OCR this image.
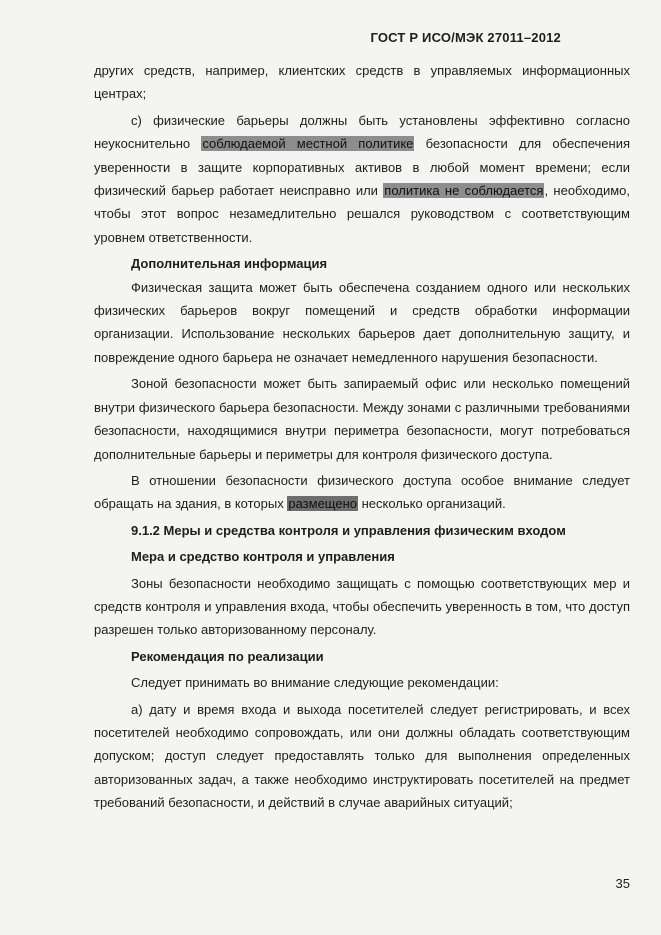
ГОСТ Р ИСО/МЭК 27011–2012

других средств, например, клиентских средств в управляемых информационных центрах;

c) физические барьеры должны быть установлены эффективно согласно неукоснительно соблюдаемой местной политике безопасности для обеспечения уверенности в защите корпоративных активов в любой момент времени; если физический барьер работает неисправно или политика не соблюдается, необходимо, чтобы этот вопрос незамедлительно решался руководством с соответствующим уровнем ответственности.

Дополнительная информация

Физическая защита может быть обеспечена созданием одного или нескольких физических барьеров вокруг помещений и средств обработки информации организации. Использование нескольких барьеров дает дополнительную защиту, и повреждение одного барьера не означает немедленного нарушения безопасности.

Зоной безопасности может быть запираемый офис или несколько помещений внутри физического барьера безопасности. Между зонами с различными требованиями безопасности, находящимися внутри периметра безопасности, могут потребоваться дополнительные барьеры и периметры для контроля физического доступа.

В отношении безопасности физического доступа особое внимание следует обращать на здания, в которых размещено несколько организаций.

9.1.2 Меры и средства контроля и управления физическим входом

Мера и средство контроля и управления

Зоны безопасности необходимо защищать с помощью соответствующих мер и средств контроля и управления входа, чтобы обеспечить уверенность в том, что доступ разрешен только авторизованному персоналу.

Рекомендация по реализации

Следует принимать во внимание следующие рекомендации:

a) дату и время входа и выхода посетителей следует регистрировать, и всех посетителей необходимо сопровождать, или они должны обладать соответствующим допуском; доступ следует предоставлять только для выполнения определенных авторизованных задач, а также необходимо инструктировать посетителей на предмет требований безопасности, и действий в случае аварийных ситуаций;

35
